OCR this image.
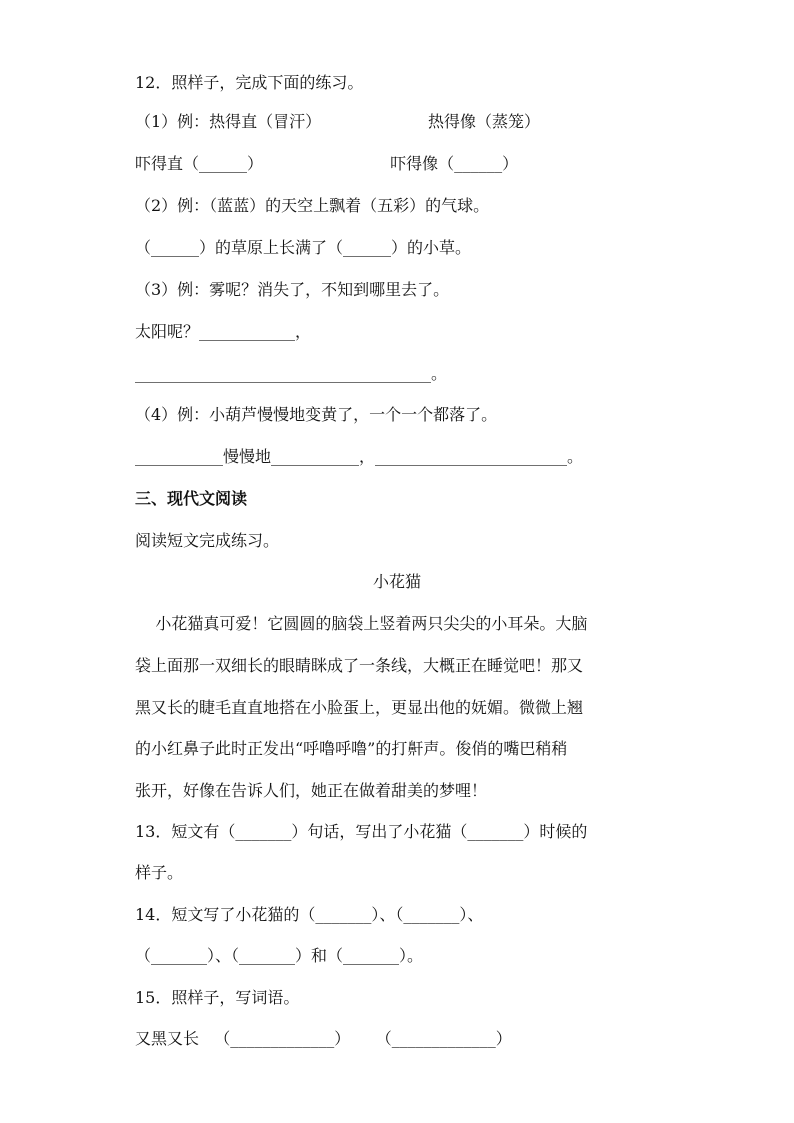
12．照样子，完成下面的练习。
（1）例：热得直（冒汗）                     热得像（蒸笼）
吓得直（______）                         吓得像（______）
（2）例：（蓝蓝）的天空上飘着（五彩）的气球。
（______）的草原上长满了（______）的小草。
（3）例：雾呢？消失了，不知到哪里去了。
太阳呢？____________，
_____________________________________。
（4）例：小葫芦慢慢地变黄了，一个一个都落了。
___________慢慢地___________，________________________。
三、现代文阅读
阅读短文完成练习。
小花猫
小花猫真可爱！它圆圆的脑袋上竖着两只尖尖的小耳朵。大脑
袋上面那一双细长的眼睛眯成了一条线，大概正在睡觉吧！那又
黑又长的睫毛直直地搭在小脸蛋上，更显出他的妩媚。微微上翘
的小红鼻子此时正发出“呼噜呼噜”的打鼾声。俊俏的嘴巴稍稍
张开，好像在告诉人们，她正在做着甜美的梦哩！
13．短文有（_______）句话，写出了小花猫（_______）时候的
样子。
14．短文写了小花猫的（_______）、（_______）、
（_______）、（_______）和（_______）。
15．照样子，写词语。
又黑又长   （_____________）     （_____________）
